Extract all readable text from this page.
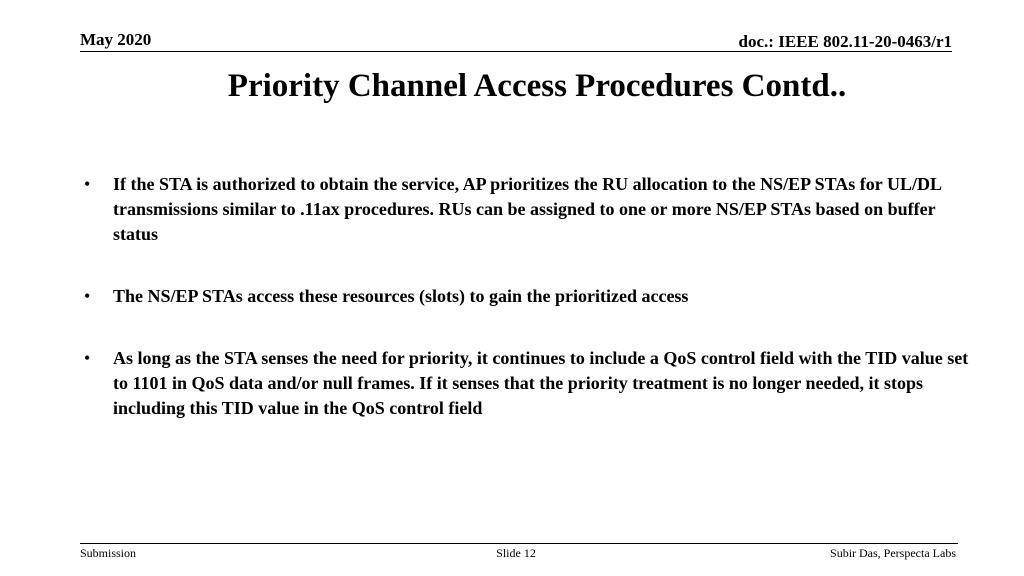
May 2020	doc.: IEEE 802.11-20-0463/r1
Priority Channel Access Procedures Contd..
• If the STA is authorized to obtain the service, AP prioritizes the RU allocation to the NS/EP STAs for UL/DL transmissions similar to .11ax procedures. RUs can be assigned to one or more NS/EP STAs based on buffer status
• The NS/EP STAs access these resources (slots) to gain the prioritized access
• As long as the STA senses the need for priority, it continues to include a QoS control field with the TID value set to 1101 in QoS data and/or null frames. If it senses that the priority treatment is no longer needed, it stops including this TID value in the QoS control field
Submission	Slide 12	Subir Das, Perspecta Labs
